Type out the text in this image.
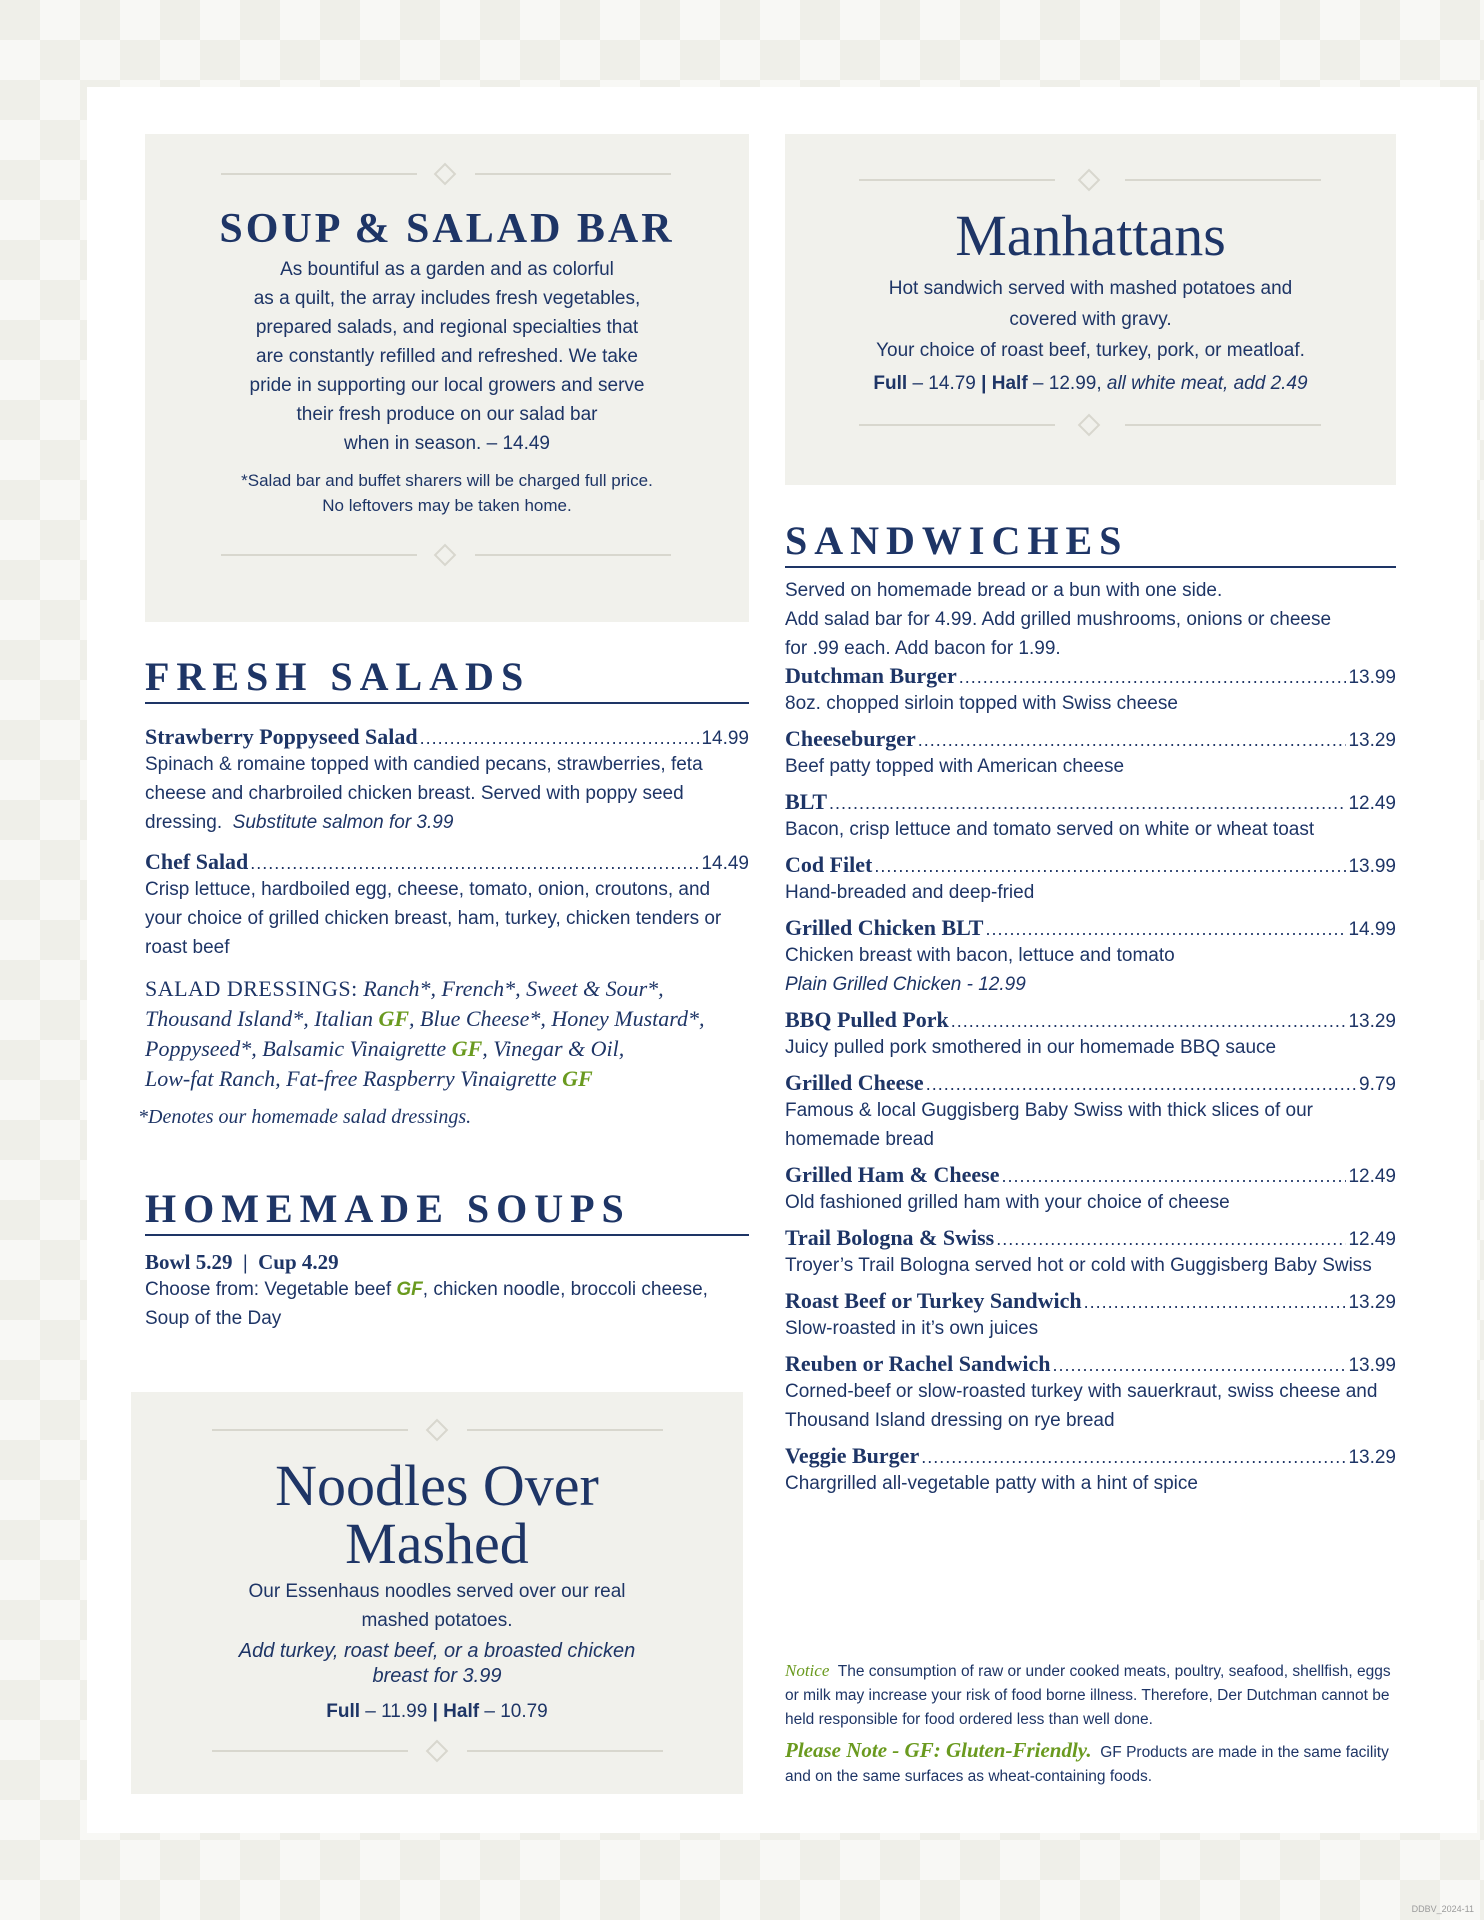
SOUP & SALAD BAR
As bountiful as a garden and as colorful
as a quilt, the array includes fresh vegetables,
prepared salads, and regional specialties that
are constantly refilled and refreshed. We take
pride in supporting our local growers and serve
their fresh produce on our salad bar
when in season. – 14.49
*Salad bar and buffet sharers will be charged full price.
No leftovers may be taken home.
FRESH SALADS
Strawberry Poppyseed Salad .....	14.99
Spinach & romaine topped with candied pecans, strawberries, feta cheese and charbroiled chicken breast. Served with poppy seed dressing. Substitute salmon for 3.99
Chef Salad .....	14.49
Crisp lettuce, hardboiled egg, cheese, tomato, onion, croutons, and your choice of grilled chicken breast, ham, turkey, chicken tenders or roast beef
SALAD DRESSINGS: Ranch*, French*, Sweet & Sour*,
Thousand Island*, Italian GF, Blue Cheese*, Honey Mustard*,
Poppyseed*, Balsamic Vinaigrette GF, Vinegar & Oil,
Low-fat Ranch, Fat-free Raspberry Vinaigrette GF
*Denotes our homemade salad dressings.
HOMEMADE SOUPS
Bowl 5.29  |  Cup 4.29
Choose from: Vegetable beef GF, chicken noodle, broccoli cheese,
Soup of the Day
Noodles Over
Mashed
Our Essenhaus noodles served over our real
mashed potatoes.
Add turkey, roast beef, or a broasted chicken
breast for 3.99
Full – 11.99 | Half – 10.79
Manhattans
Hot sandwich served with mashed potatoes and
covered with gravy.
Your choice of roast beef, turkey, pork, or meatloaf.
Full – 14.79 | Half – 12.99, all white meat, add 2.49
SANDWICHES
Served on homemade bread or a bun with one side.
Add salad bar for 4.99. Add grilled mushrooms, onions or cheese
for .99 each. Add bacon for 1.99.
Dutchman Burger .....	13.99
8oz. chopped sirloin topped with Swiss cheese
Cheeseburger .....	13.29
Beef patty topped with American cheese
BLT .....	12.49
Bacon, crisp lettuce and tomato served on white or wheat toast
Cod Filet .....	13.99
Hand-breaded and deep-fried
Grilled Chicken BLT .....	14.99
Chicken breast with bacon, lettuce and tomato
Plain Grilled Chicken - 12.99
BBQ Pulled Pork .....	13.29
Juicy pulled pork smothered in our homemade BBQ sauce
Grilled Cheese .....	9.79
Famous & local Guggisberg Baby Swiss with thick slices of our homemade bread
Grilled Ham & Cheese .....	12.49
Old fashioned grilled ham with your choice of cheese
Trail Bologna & Swiss .....	12.49
Troyer’s Trail Bologna served hot or cold with Guggisberg Baby Swiss
Roast Beef or Turkey Sandwich .....	13.29
Slow-roasted in it’s own juices
Reuben or Rachel Sandwich .....	13.99
Corned-beef or slow-roasted turkey with sauerkraut, swiss cheese and Thousand Island dressing on rye bread
Veggie Burger .....	13.29
Chargrilled all-vegetable patty with a hint of spice
Notice The consumption of raw or under cooked meats, poultry, seafood, shellfish, eggs or milk may increase your risk of food borne illness. Therefore, Der Dutchman cannot be held responsible for food ordered less than well done.
Please Note - GF: Gluten-Friendly. GF Products are made in the same facility and on the same surfaces as wheat-containing foods.
DDBV_2024-11
